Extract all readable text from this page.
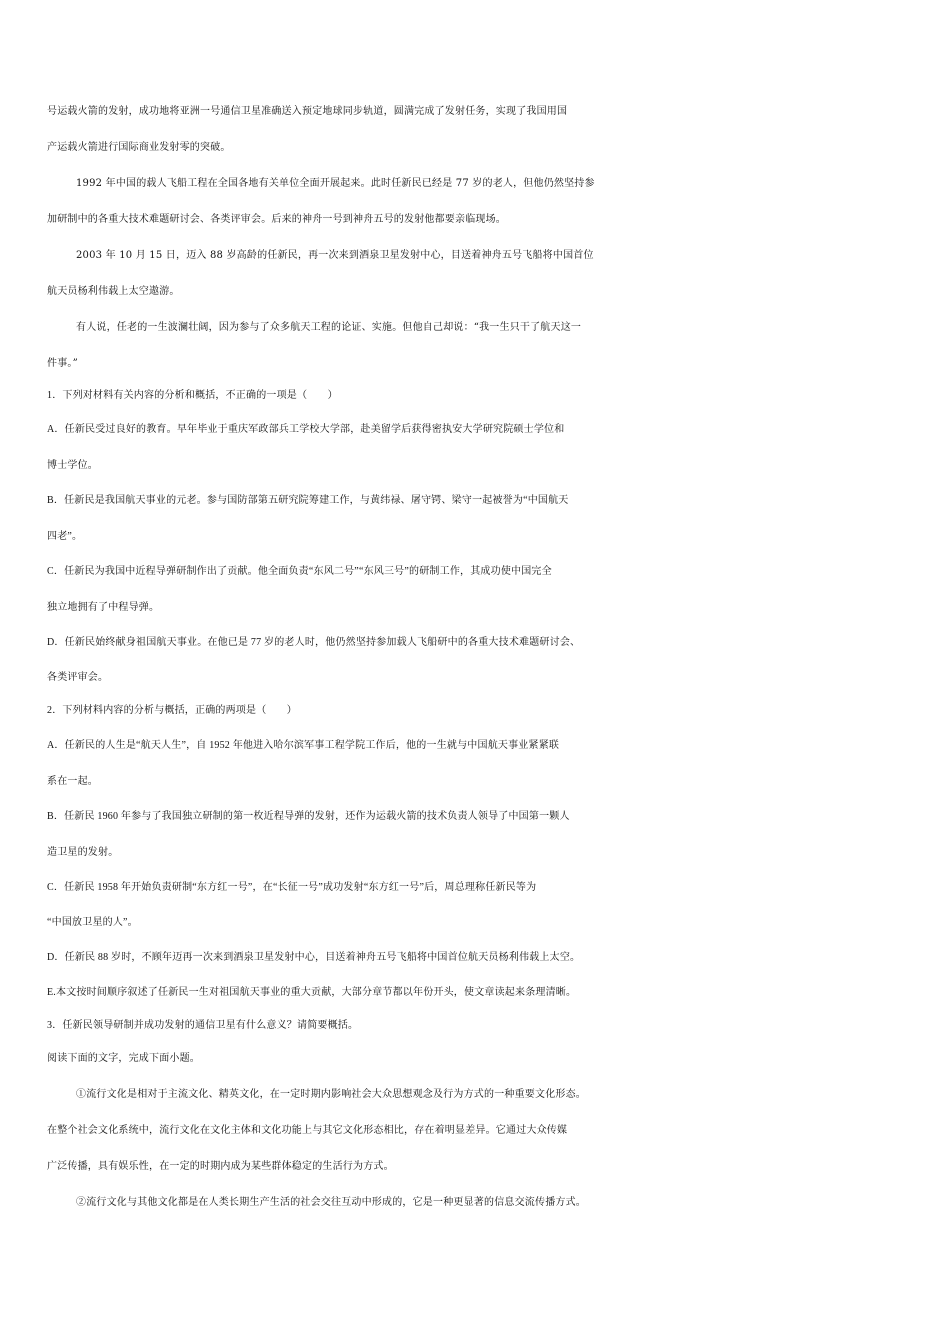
号运载火箭的发射，成功地将亚洲一号通信卫星准确送入预定地球同步轨道，圆满完成了发射任务，实现了我国用国
产运载火箭进行国际商业发射零的突破。
1992 年中国的载人飞船工程在全国各地有关单位全面开展起来。此时任新民已经是 77 岁的老人，但他仍然坚持参
加研制中的各重大技术难题研讨会、各类评审会。后来的神舟一号到神舟五号的发射他都要亲临现场。
2003 年 10 月 15 日，迈入 88 岁高龄的任新民，再一次来到酒泉卫星发射中心，目送着神舟五号飞船将中国首位
航天员杨利伟载上太空遨游。
有人说，任老的一生波澜壮阔，因为参与了众多航天工程的论证、实施。但他自己却说：“我一生只干了航天这一
件事。”
1．下列对材料有关内容的分析和概括，不正确的一项是（　　）
A．任新民受过良好的教育。早年毕业于重庆军政部兵工学校大学部，赴美留学后获得密执安大学研究院硕士学位和
博士学位。
B．任新民是我国航天事业的元老。参与国防部第五研究院筹建工作，与黄纬禄、屠守锷、梁守一起被誉为“中国航天
四老”。
C．任新民为我国中近程导弹研制作出了贡献。他全面负责“东风二号”“东风三号”的研制工作，其成功使中国完全
独立地拥有了中程导弹。
D．任新民始终献身祖国航天事业。在他已是 77 岁的老人时，他仍然坚持参加载人飞船研中的各重大技术难题研讨会、
各类评审会。
2．下列材料内容的分析与概括，正确的两项是（　　）
A．任新民的人生是“航天人生”，自 1952 年他进入哈尔滨军事工程学院工作后，他的一生就与中国航天事业紧紧联
系在一起。
B．任新民 1960 年参与了我国独立研制的第一枚近程导弹的发射，还作为运载火箭的技术负责人领导了中国第一颗人
造卫星的发射。
C．任新民 1958 年开始负责研制“东方红一号”，在“长征一号”成功发射“东方红一号”后，周总理称任新民等为
“中国放卫星的人”。
D．任新民 88 岁时，不顾年迈再一次来到酒泉卫星发射中心，目送着神舟五号飞船将中国首位航天员杨利伟载上太空。
E.本文按时间顺序叙述了任新民一生对祖国航天事业的重大贡献，大部分章节都以年份开头，使文章读起来条理清晰。
3．任新民领导研制并成功发射的通信卫星有什么意义？请简要概括。
阅读下面的文字，完成下面小题。
①流行文化是相对于主流文化、精英文化，在一定时期内影响社会大众思想观念及行为方式的一种重要文化形态。
在整个社会文化系统中，流行文化在文化主体和文化功能上与其它文化形态相比，存在着明显差异。它通过大众传媒
广泛传播，具有娱乐性，在一定的时期内成为某些群体稳定的生活行为方式。
②流行文化与其他文化都是在人类长期生产生活的社会交往互动中形成的，它是一种更显著的信息交流传播方式。
